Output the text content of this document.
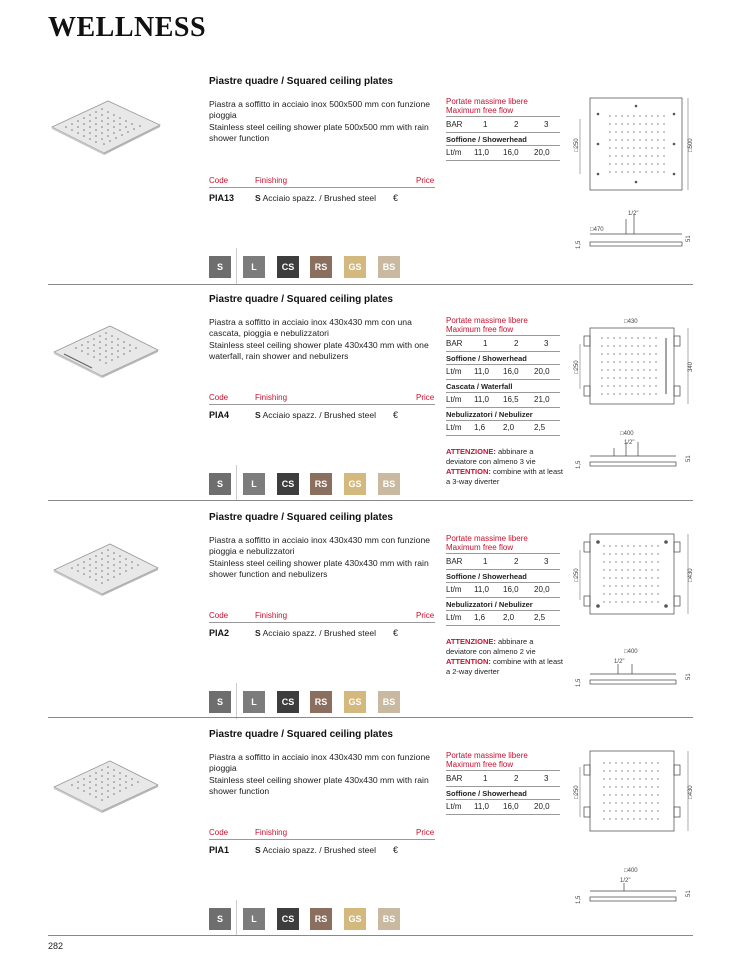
WELLNESS
Piastre quadre / Squared ceiling plates
Piastra a soffitto in acciaio inox 500x500 mm con funzione pioggia
Stainless steel ceiling shower plate 500x500 mm with rain shower function
Code	Finishing	Price
PIA13 S Acciaio spazz. / Brushed steel €
S	L	CS	RS	GS	BS
Portate massime libere
Maximum free flow
BAR	1	2	3
Soffione / Showerhead
Lt/m 11,0 16,0 20,0
□250	□500
1/2"
□470
1,5
51
Piastre quadre / Squared ceiling plates
Piastra a soffitto in acciaio inox 430x430 mm con una cascata, pioggia e nebulizzatori
Stainless steel ceiling shower plate 430x430 mm with one waterfall, rain shower and nebulizers
Code	Finishing	Price
PIA4	S Acciaio spazz. / Brushed steel €
S	L	CS	RS	GS	BS
Portate massime libere
Maximum free flow
BAR	1	2	3
Soffione / Showerhead
Lt/m 11,0 16,0 20,0
Cascata / Waterfall
Lt/m 11,0 16,5 21,0
Nebulizzatori / Nebulizer
Lt/m 1,6 2,0 2,5
ATTENZIONE: abbinare a deviatore con almeno 3 vie
ATTENTION: combine with at least a 3-way diverter
□430
□250	340
1/2"
□400
1,5
51
Piastre quadre / Squared ceiling plates
Piastra a soffitto in acciaio inox 430x430 mm con funzione pioggia e nebulizzatori
Stainless steel ceiling shower plate 430x430 mm with rain shower function and nebulizers
Code	Finishing	Price
PIA2	S Acciaio spazz. / Brushed steel €
S	L	CS	RS	GS	BS
Portate massime libere
Maximum free flow
BAR	1	2	3
Soffione / Showerhead
Lt/m 11,0 16,0 20,0
Nebulizzatori / Nebulizer
Lt/m 1,6 2,0 2,5
ATTENZIONE: abbinare a deviatore con almeno 2 vie
ATTENTION: combine with at least a 2-way diverter
□250	□430
1/2"
□400
1,5
51
Piastre quadre / Squared ceiling plates
Piastra a soffitto in acciaio inox 430x430 mm con funzione pioggia
Stainless steel ceiling shower plate 430x430 mm with rain shower function
Code	Finishing	Price
PIA1	S Acciaio spazz. / Brushed steel €
S	L	CS	RS	GS	BS
Portate massime libere
Maximum free flow
BAR	1	2	3
Soffione / Showerhead
Lt/m 11,0 16,0 20,0
□250	□430
1/2"
□400
1,5
51
282
